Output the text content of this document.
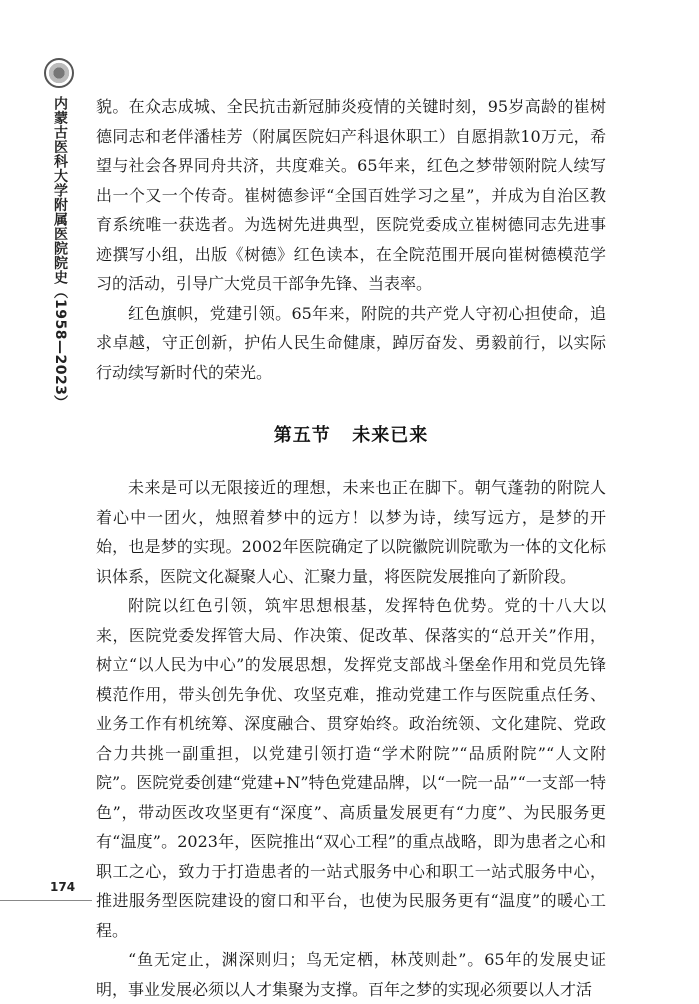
内蒙古医科大学附属医院院史（1958—2023）
174

貌。在众志成城、全民抗击新冠肺炎疫情的关键时刻，95岁高龄的崔树德同志和老伴潘桂芳（附属医院妇产科退休职工）自愿捐款10万元，希望与社会各界同舟共济，共度难关。65年来，红色之梦带领附院人续写出一个又一个传奇。崔树德参评“全国百姓学习之星”，并成为自治区教育系统唯一获选者。为选树先进典型，医院党委成立崔树德同志先进事迹撰写小组，出版《树德》红色读本，在全院范围开展向崔树德模范学习的活动，引导广大党员干部争先锋、当表率。

红色旗帜，党建引领。65年来，附院的共产党人守初心担使命，追求卓越，守正创新，护佑人民生命健康，踔厉奋发、勇毅前行，以实际行动续写新时代的荣光。

第五节 未来已来

未来是可以无限接近的理想，未来也正在脚下。朝气蓬勃的附院人着心中一团火，烛照着梦中的远方！以梦为诗，续写远方，是梦的开始，也是梦的实现。2002年医院确定了以院徽院训院歌为一体的文化标识体系，医院文化凝聚人心、汇聚力量，将医院发展推向了新阶段。

附院以红色引领，筑牢思想根基，发挥特色优势。党的十八大以来，医院党委发挥管大局、作决策、促改革、保落实的“总开关”作用，树立“以人民为中心”的发展思想，发挥党支部战斗堡垒作用和党员先锋模范作用，带头创先争优、攻坚克难，推动党建工作与医院重点任务、业务工作有机统筹、深度融合、贯穿始终。政治统领、文化建院、党政合力共挑一副重担，以党建引领打造“学术附院”“品质附院”“人文附院”。医院党委创建“党建+N”特色党建品牌，以“一院一品”“一支部一特色”，带动医改攻坚更有“深度”、高质量发展更有“力度”、为民服务更有“温度”。2023年，医院推出“双心工程”的重点战略，即为患者之心和职工之心，致力于打造患者的一站式服务中心和职工一站式服务中心，推进服务型医院建设的窗口和平台，也使为民服务更有“温度”的暖心工程。

“鱼无定止，渊深则归；鸟无定栖，林茂则赴”。65年的发展史证明，事业发展必须以人才集聚为支撑。百年之梦的实现必须要以人才活
